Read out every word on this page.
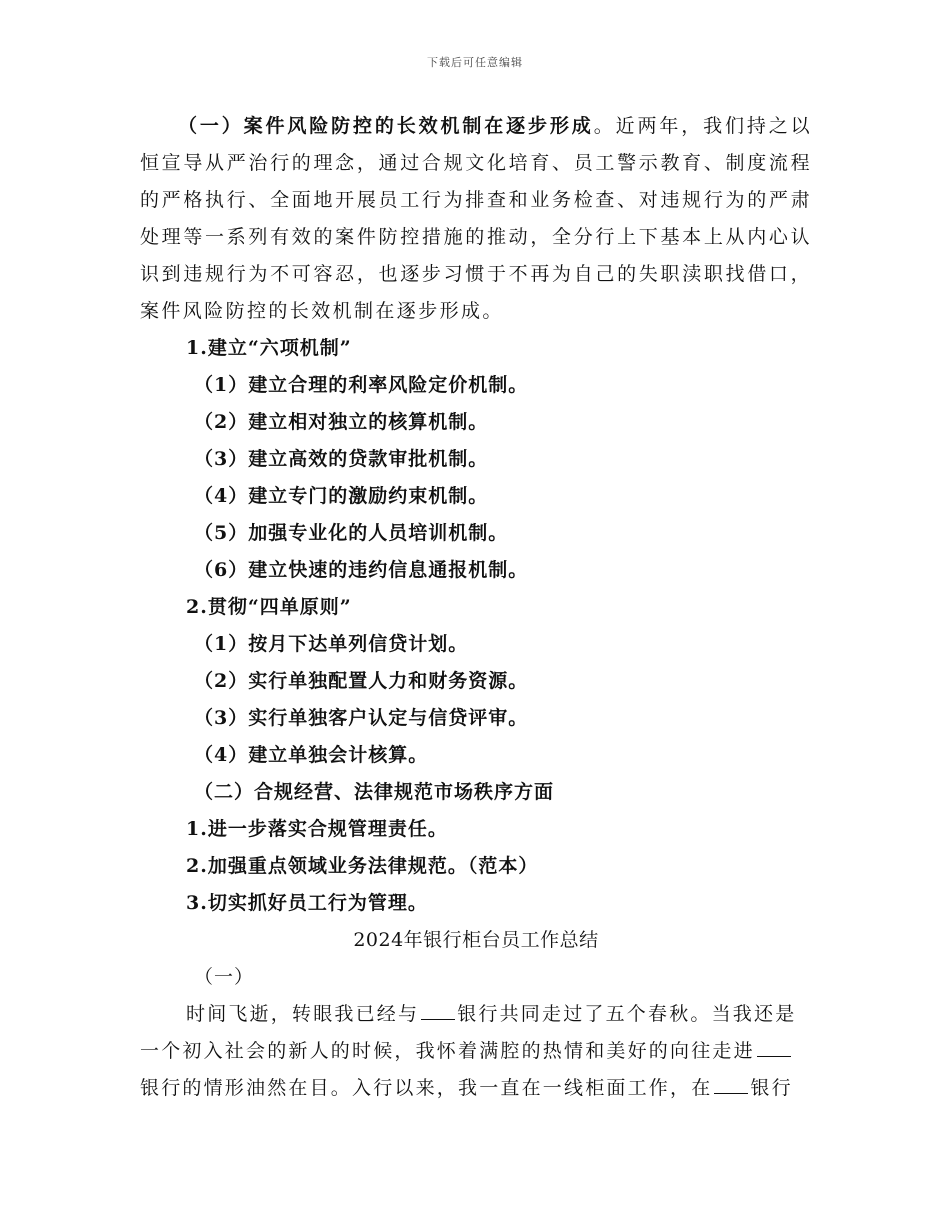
下载后可任意编辑

（一）案件风险防控的长效机制在逐步形成。近两年，我们持之以恒宣导从严治行的理念，通过合规文化培育、员工警示教育、制度流程的严格执行、全面地开展员工行为排查和业务检查、对违规行为的严肃处理等一系列有效的案件防控措施的推动，全分行上下基本上从内心认识到违规行为不可容忍，也逐步习惯于不再为自己的失职渎职找借口，案件风险防控的长效机制在逐步形成。

1.建立“六项机制”

（1）建立合理的利率风险定价机制。

（2）建立相对独立的核算机制。

（3）建立高效的贷款审批机制。

（4）建立专门的激励约束机制。

（5）加强专业化的人员培训机制。

（6）建立快速的违约信息通报机制。

2.贯彻“四单原则”

（1）按月下达单列信贷计划。

（2）实行单独配置人力和财务资源。

（3）实行单独客户认定与信贷评审。

（4）建立单独会计核算。

（二）合规经营、法律规范市场秩序方面

1.进一步落实合规管理责任。

2.加强重点领域业务法律规范。（范本）

3.切实抓好员工行为管理。

2024年银行柜台员工作总结

（一）

时间飞逝，转眼我已经与 银行共同走过了五个春秋。当我还是

一个初入社会的新人的时候，我怀着满腔的热情和美好的向往走进

银行的情形油然在目。入行以来，我一直在一线柜面工作，在 银行
